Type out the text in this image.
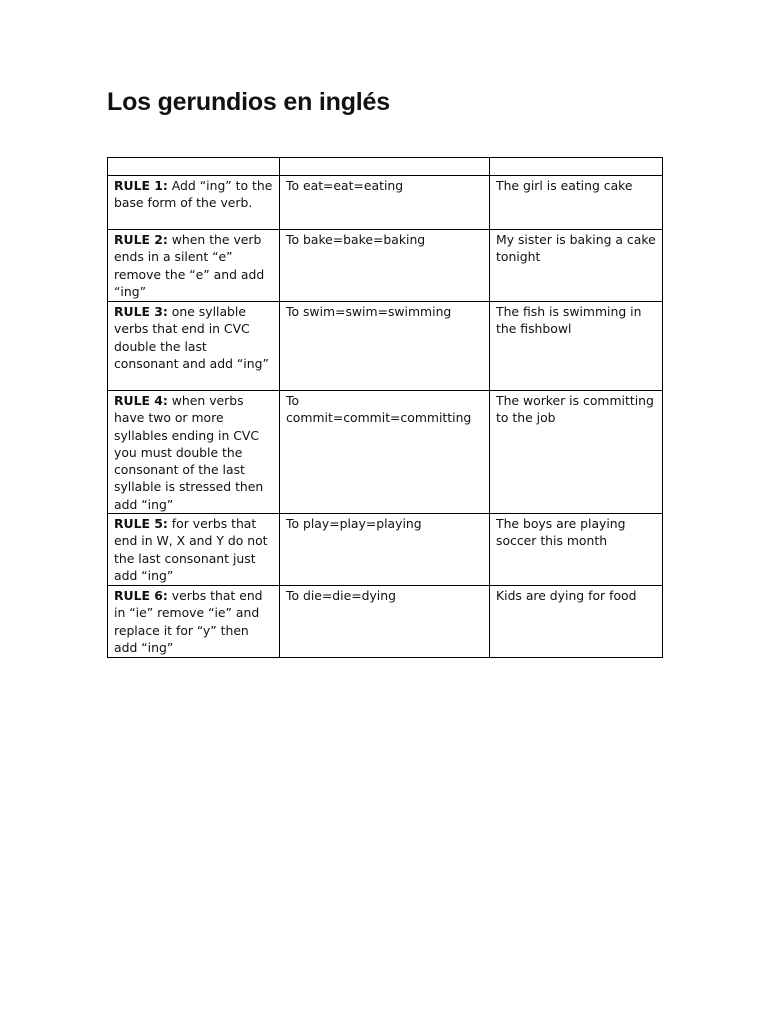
Los gerundios en inglés

RULE 1: Add “ing” to the base form of the verb.	To eat=eat=eating	The girl is eating cake
RULE 2: when the verb ends in a silent “e” remove the “e” and add “ing”	To bake=bake=baking	My sister is baking a cake tonight
RULE 3: one syllable verbs that end in CVC double the last consonant and add “ing”	To swim=swim=swimming	The fish is swimming in the fishbowl
RULE 4: when verbs have two or more syllables ending in CVC you must double the consonant of the last syllable is stressed then add “ing”	To commit=commit=committing	The worker is committing to the job
RULE 5: for verbs that end in W, X and Y do not the last consonant just add “ing”	To play=play=playing	The boys are playing soccer this month
RULE 6: verbs that end in “ie” remove “ie” and replace it for “y” then add “ing”	To die=die=dying	Kids are dying for food
